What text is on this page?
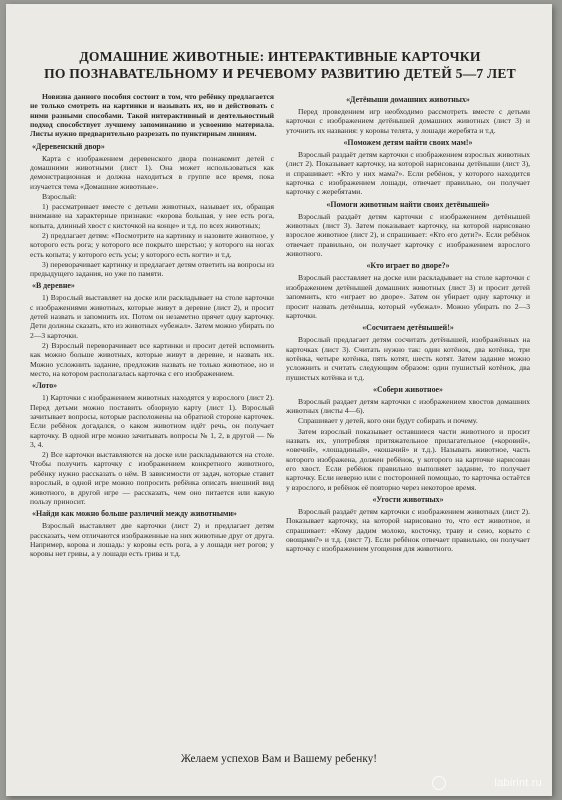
ДОМАШНИЕ ЖИВОТНЫЕ: ИНТЕРАКТИВНЫЕ КАРТОЧКИ
ПО ПОЗНАВАТЕЛЬНОМУ И РЕЧЕВОМУ РАЗВИТИЮ ДЕТЕЙ 5—7 ЛЕТ

Новизна данного пособия состоит в том, что ребёнку предлагается не только смотреть на картинки и называть их, но и действовать с ними разными способами. Такой интерактивный и деятельностный подход способствует лучшему запоминанию и усвоению материала. Листы нужно предварительно разрезать по пунктирным линиям.

«Деревенский двор»

Карта с изображением деревенского двора познакомит детей с домашними животными (лист 1). Она может использоваться как демонстрационная и должна находиться в группе все время, пока изучается тема «Домашние животные».

Взрослый:

1) рассматривает вместе с детьми животных, называет их, обращая внимание на характерные признаки: «корова большая, у нее есть рога, копыта, длинный хвост с кисточкой на конце» и т.д. по всех животных;

2) предлагает детям: «Посмотрите на картинку и назовите животное, у которого есть рога; у которого все покрыто шерстью; у которого на ногах есть копыта; у которого есть усы; у которого есть когти» и т.д.

3) переворачивает картинку и предлагает детям ответить на вопросы из предыдущего задания, но уже по памяти.

«В деревне»

1) Взрослый выставляет на доске или раскладывает на столе карточки с изображениями животных, которые живут в деревне (лист 2), и просит детей назвать и запомнить их. Потом он незаметно прячет одну карточку. Дети должны сказать, кто из животных «убежал». Затем можно убирать по 2—3 карточки.

2) Взрослый переворачивает все картинки и просит детей вспомнить как можно больше животных, которые живут в деревне, и назвать их. Можно усложнить задание, предложив назвать не только животное, но и место, на котором располагалась карточка с его изображением.

«Лото»

1) Карточки с изображением животных находятся у взрослого (лист 2). Перед детьми можно поставить обзорную карту (лист 1). Взрослый зачитывает вопросы, которые расположены на обратной стороне карточек. Если ребёнок догадался, о каком животном идёт речь, он получает карточку. В одной игре можно зачитывать вопросы № 1, 2, в другой — № 3, 4.

2) Все карточки выставляются на доске или раскладываются на столе. Чтобы получить карточку с изображением конкретного животного, ребёнку нужно рассказать о нём. В зависимости от задач, которые ставит взрослый, в одной игре можно попросить ребёнка описать внешний вид животного, в другой игре — рассказать, чем оно питается или какую пользу приносит.

«Найди как можно больше различий между животными»

Взрослый выставляет две карточки (лист 2) и предлагает детям рассказать, чем отличаются изображенные на них животные друг от друга. Например, корова и лошадь: у коровы есть рога, а у лошади нет рогов; у коровы нет гривы, а у лошади есть грива и т.д.

«Детёныши домашних животных»

Перед проведением игр необходимо рассмотреть вместе с детьми карточки с изображением детёнышей домашних животных (лист 3) и уточнить их названия: у коровы телята, у лошади жеребята и т.д.

«Поможем детям найти своих мам!»

Взрослый раздаёт детям карточки с изображением взрослых животных (лист 2). Показывает карточку, на которой нарисованы детёныши (лист 3), и спрашивает: «Кто у них мама?». Если ребёнок, у которого находится карточка с изображением лошади, отвечает правильно, он получает карточку с жеребятами.

«Помоги животным найти своих детёнышей»

Взрослый раздаёт детям карточки с изображением детёнышей животных (лист 3). Затем показывает карточку, на которой нарисовано взрослое животное (лист 2), и спрашивает: «Кто его дети?». Если ребёнок отвечает правильно, он получает карточку с изображением взрослого животного.

«Кто играет во дворе?»

Взрослый расставляет на доске или раскладывает на столе карточки с изображением детёнышей домашних животных (лист 3) и просит детей запомнить, кто «играет во дворе». Затем он убирает одну карточку и просит назвать детёныша, который «убежал». Можно убирать по 2—3 карточки.

«Сосчитаем детёнышей!»

Взрослый предлагает детям сосчитать детёнышей, изображённых на карточках (лист 3). Считать нужно так: один котёнок, два котёнка, три котёнка, четыре котёнка, пять котят, шесть котят. Затем задание можно усложнить и считать следующим образом: один пушистый котёнок, два пушистых котёнка и т.д.

«Собери животное»

Взрослый раздает детям карточки с изображением хвостов домашних животных (листы 4—6).

Спрашивает у детей, кого они будут собирать и почему.

Затем взрослый показывает оставшиеся части животного и просит назвать их, употребляя притяжательное прилагательное («коровий», «овечий», «лошадиный», «кошачий» и т.д.). Называть животное, часть которого изображена, должен ребёнок, у которого на карточке нарисован его хвост. Если ребёнок правильно выполняет задание, то получает карточку. Если неверно или с посторонней помощью, то карточка остаётся у взрослого, и ребёнок её повторно через некоторое время.

«Угости животных»

Взрослый раздаёт детям карточки с изображением животных (лист 2). Показывает карточку, на которой нарисовано то, что ест животное, и спрашивает: «Кому дадим молоко, косточку, траву и сено, корыто с овощами?» и т.д. (лист 7). Если ребёнок отвечает правильно, он получает карточку с изображением угощения для животного.

Желаем успехов Вам и Вашему ребенку!
labirint.ru
